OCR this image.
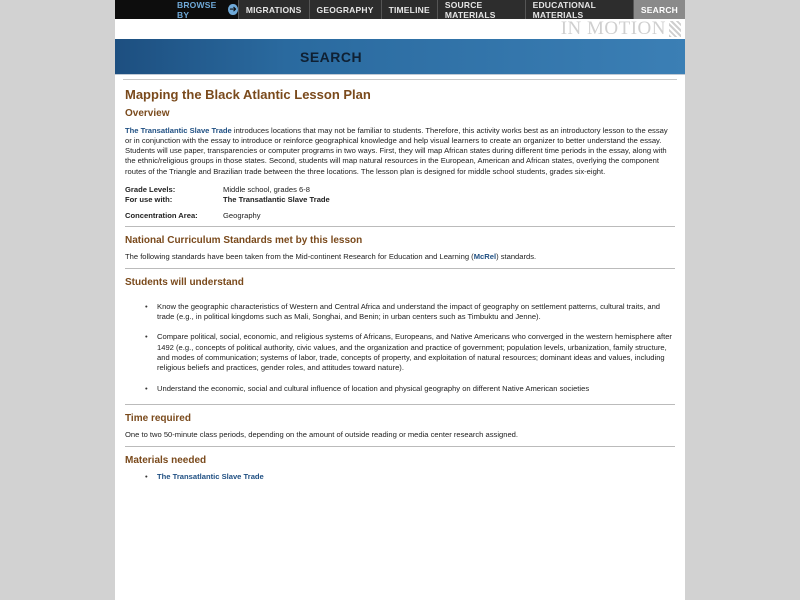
BROWSE BY
➜	MIGRATIONS	GEOGRAPHY	TIMELINE	SOURCE MATERIALS
EDUCATIONAL MATERIALS	SEARCH
IN MOTION
SEARCH
Mapping the Black Atlantic Lesson Plan
Overview

The Transatlantic Slave Trade introduces locations that may not be familiar to students. Therefore, this activity works best as an introductory lesson to the essay or in conjunction with the essay to introduce or reinforce geographical knowledge and help visual learners to create an organizer to better understand the essay. Students will use paper, transparencies or computer programs in two ways. First, they will map African states during different time periods in the essay, along with the ethnic/religious groups in those states. Second, students will map natural resources in the European, American and African states, overlying the component routes of the Triangle and Brazilian trade between the three locations. The lesson plan is designed for middle school students, grades six-eight.

Grade Levels:	Middle school, grades 6-8
For use with:	The Transatlantic Slave Trade
Concentration Area:	Geography
National Curriculum Standards met by this lesson

The following standards have been taken from the Mid-continent Research for Education and Learning (McRel) standards.

Students will understand
• Know the geographic characteristics of Western and Central Africa and understand the impact of geography on settlement patterns, cultural traits, and trade (e.g., in political kingdoms such as Mali, Songhai, and Benin; in urban centers such as Timbuktu and Jenne).
• Compare political, social, economic, and religious systems of Africans, Europeans, and Native Americans who converged in the western hemisphere after 1492 (e.g., concepts of political authority, civic values, and the organization and practice of government; population levels, urbanization, family structure, and modes of communication; systems of labor, trade, concepts of property, and exploitation of natural resources; dominant ideas and values, including religious beliefs and practices, gender roles, and attitudes toward nature).
• Understand the economic, social and cultural influence of location and physical geography on different Native American societies
Time required

One to two 50-minute class periods, depending on the amount of outside reading or media center research assigned.

Materials needed
• The Transatlantic Slave Trade
